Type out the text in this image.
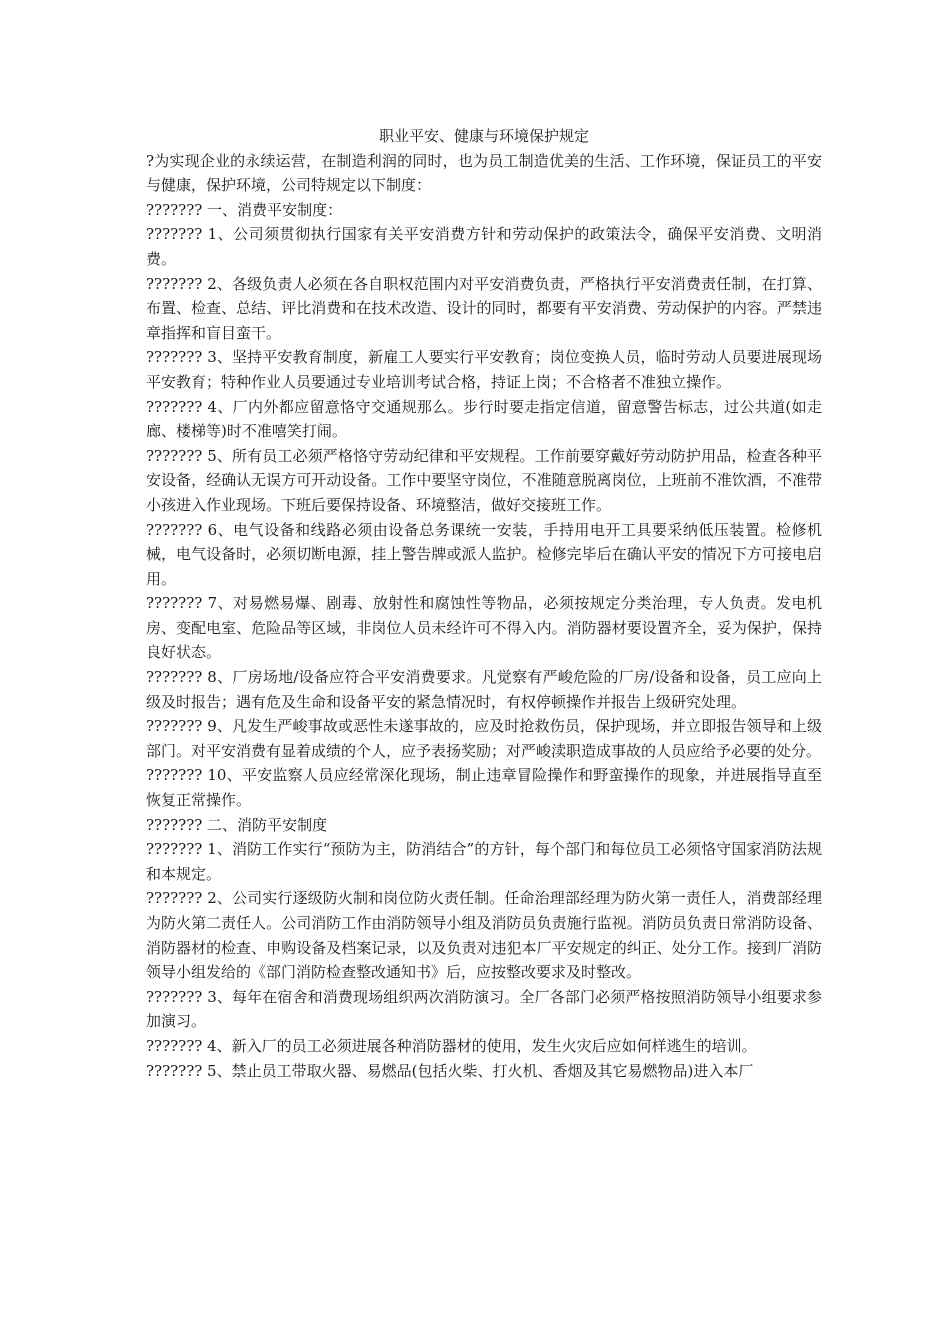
职业平安、健康与环境保护规定

?为实现企业的永续运营，在制造利润的同时，也为员工制造优美的生活、工作环境，保证员工的平安与健康，保护环境，公司特规定以下制度：

??????? 一、消费平安制度：

??????? 1、公司须贯彻执行国家有关平安消费方针和劳动保护的政策法令，确保平安消费、文明消费。

??????? 2、各级负责人必须在各自职权范围内对平安消费负责，严格执行平安消费责任制，在打算、布置、检查、总结、评比消费和在技术改造、设计的同时，都要有平安消费、劳动保护的内容。严禁违章指挥和盲目蛮干。

??????? 3、坚持平安教育制度，新雇工人要实行平安教育；岗位变换人员，临时劳动人员要进展现场平安教育；特种作业人员要通过专业培训考试合格，持证上岗；不合格者不准独立操作。

??????? 4、厂内外都应留意恪守交通规那么。步行时要走指定信道，留意警告标志，过公共道(如走廊、楼梯等)时不准嘻笑打闹。

??????? 5、所有员工必须严格恪守劳动纪律和平安规程。工作前要穿戴好劳动防护用品，检查各种平安设备，经确认无误方可开动设备。工作中要坚守岗位，不准随意脱离岗位，上班前不准饮酒，不准带小孩进入作业现场。下班后要保持设备、环境整洁，做好交接班工作。

??????? 6、电气设备和线路必须由设备总务课统一安装，手持用电开工具要采纳低压装置。检修机械，电气设备时，必须切断电源，挂上警告牌或派人监护。检修完毕后在确认平安的情况下方可接电启用。

??????? 7、对易燃易爆、剧毒、放射性和腐蚀性等物品，必须按规定分类治理，专人负责。发电机房、变配电室、危险品等区域，非岗位人员未经许可不得入内。消防器材要设置齐全，妥为保护，保持良好状态。

??????? 8、厂房场地/设备应符合平安消费要求。凡觉察有严峻危险的厂房/设备和设备，员工应向上级及时报告；遇有危及生命和设备平安的紧急情况时，有权停顿操作并报告上级研究处理。

??????? 9、凡发生严峻事故或恶性未遂事故的，应及时抢救伤员，保护现场，并立即报告领导和上级部门。对平安消费有显着成绩的个人，应予表扬奖励；对严峻渎职造成事故的人员应给予必要的处分。

??????? 10、平安监察人员应经常深化现场，制止违章冒险操作和野蛮操作的现象，并进展指导直至恢复正常操作。

??????? 二、消防平安制度

??????? 1、消防工作实行“预防为主，防消结合”的方针，每个部门和每位员工必须恪守国家消防法规和本规定。

??????? 2、公司实行逐级防火制和岗位防火责任制。任命治理部经理为防火第一责任人，消费部经理为防火第二责任人。公司消防工作由消防领导小组及消防员负责施行监视。消防员负责日常消防设备、消防器材的检查、申购设备及档案记录，以及负责对违犯本厂平安规定的纠正、处分工作。接到厂消防领导小组发给的《部门消防检查整改通知书》后，应按整改要求及时整改。

??????? 3、每年在宿舍和消费现场组织两次消防演习。全厂各部门必须严格按照消防领导小组要求参加演习。

??????? 4、新入厂的员工必须进展各种消防器材的使用，发生火灾后应如何样逃生的培训。

??????? 5、禁止员工带取火器、易燃品(包括火柴、打火机、香烟及其它易燃物品)进入本厂
